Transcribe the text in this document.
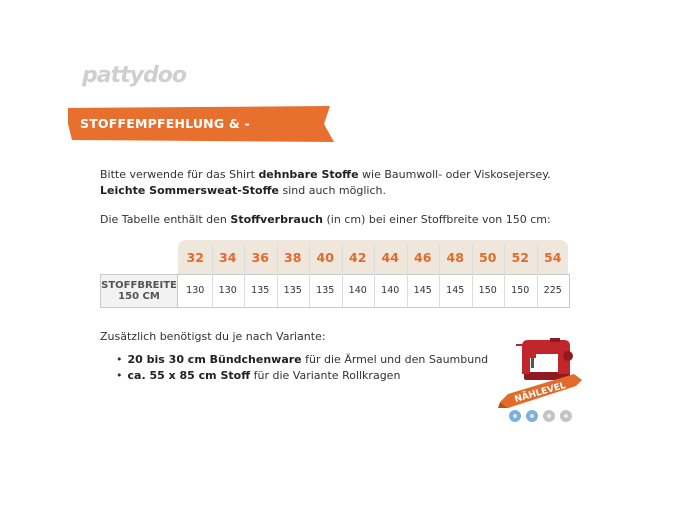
pattydoo
STOFFEMPFEHLUNG & -VERBRAUCH
Bitte verwende für das Shirt dehnbare Stoffe wie Baumwoll- oder Viskosejersey.
Leichte Sommersweat-Stoffe sind auch möglich.
Die Tabelle enthält den Stoffverbrauch (in cm) bei einer Stoffbreite von 150 cm:
STOFFBREITE
150 CM
32
130
34
130
36
135
38
135
40
135
42
140
44
140
46
145
48
145
50
150
52
150
54
225
Zusätzlich benötigst du je nach Variante:
• 20 bis 30 cm Bündchenware für die Ärmel und den Saumbund
• ca. 55 x 85 cm Stoff für die Variante Rollkragen
NÄHLEVEL
